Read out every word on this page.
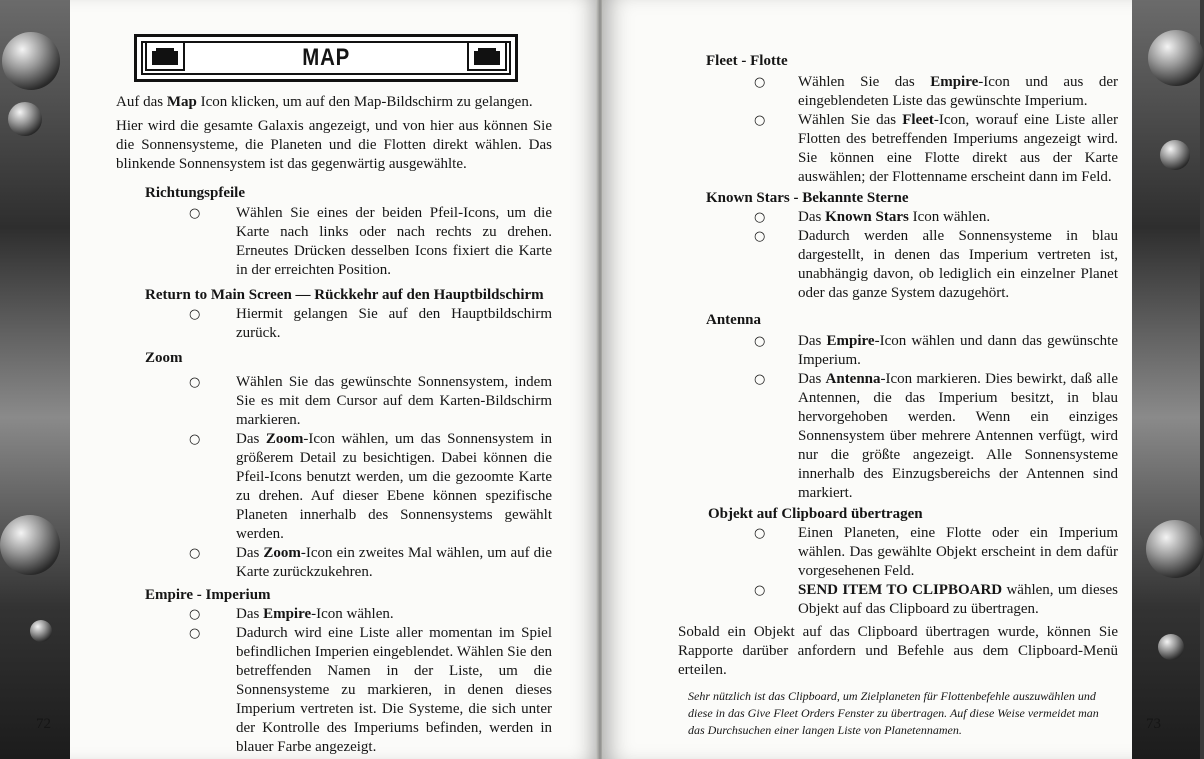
MAP

Auf das Map Icon klicken, um auf den Map-Bildschirm zu gelangen.

Hier wird die gesamte Galaxis angezeigt, und von hier aus können Sie die Sonnensysteme, die Planeten und die Flotten direkt wählen. Das blinkende Sonnensystem ist das gegenwärtig ausgewählte.

Richtungspfeile

○	Wählen Sie eines der beiden Pfeil-Icons, um die Karte nach links oder nach rechts zu drehen. Erneutes Drücken desselben Icons fixiert die Karte in der erreichten Position.

Return to Main Screen — Rückkehr auf den Hauptbildschirm

○	Hiermit gelangen Sie auf den Hauptbildschirm zurück.

Zoom

○	Wählen Sie das gewünschte Sonnensystem, indem Sie es mit dem Cursor auf dem Karten-Bildschirm markieren.
○	Das Zoom-Icon wählen, um das Sonnensystem in größerem Detail zu besichtigen. Dabei können die Pfeil-Icons benutzt werden, um die gezoomte Karte zu drehen. Auf dieser Ebene können spezifische Planeten innerhalb des Sonnensystems gewählt werden.
○	Das Zoom-Icon ein zweites Mal wählen, um auf die Karte zurückzukehren.

Empire - Imperium

○	Das Empire-Icon wählen.
○	Dadurch wird eine Liste aller momentan im Spiel befindlichen Imperien eingeblendet. Wählen Sie den betreffenden Namen in der Liste, um die Sonnensysteme zu markieren, in denen dieses Imperium vertreten ist. Die Systeme, die sich unter der Kontrolle des Imperiums befinden, werden in blauer Farbe angezeigt.
72

Fleet - Flotte

○	Wählen Sie das Empire-Icon und aus der eingeblendeten Liste das gewünschte Imperium.
○	Wählen Sie das Fleet-Icon, worauf eine Liste aller Flotten des betreffenden Imperiums angezeigt wird. Sie können eine Flotte direkt aus der Karte auswählen; der Flottenname erscheint dann im Feld.

Known Stars - Bekannte Sterne

○	Das Known Stars Icon wählen.
○	Dadurch werden alle Sonnensysteme in blau dargestellt, in denen das Imperium vertreten ist, unabhängig davon, ob lediglich ein einzelner Planet oder das ganze System dazugehört.

Antenna

○	Das Empire-Icon wählen und dann das gewünschte Imperium.
○	Das Antenna-Icon markieren. Dies bewirkt, daß alle Antennen, die das Imperium besitzt, in blau hervorgehoben werden. Wenn ein einziges Sonnensystem über mehrere Antennen verfügt, wird nur die größte angezeigt. Alle Sonnensysteme innerhalb des Einzugsbereichs der Antennen sind markiert.

Objekt auf Clipboard übertragen

○	Einen Planeten, eine Flotte oder ein Imperium wählen. Das gewählte Objekt erscheint in dem dafür vorgesehenen Feld.
○	SEND ITEM TO CLIPBOARD wählen, um dieses Objekt auf das Clipboard zu übertragen.

Sobald ein Objekt auf das Clipboard übertragen wurde, können Sie Rapporte darüber anfordern und Befehle aus dem Clipboard-Menü erteilen.

Sehr nützlich ist das Clipboard, um Zielplaneten für Flottenbefehle auszuwählen und diese in das Give Fleet Orders Fenster zu übertragen. Auf diese Weise vermeidet man das Durchsuchen einer langen Liste von Planetennamen.	73
